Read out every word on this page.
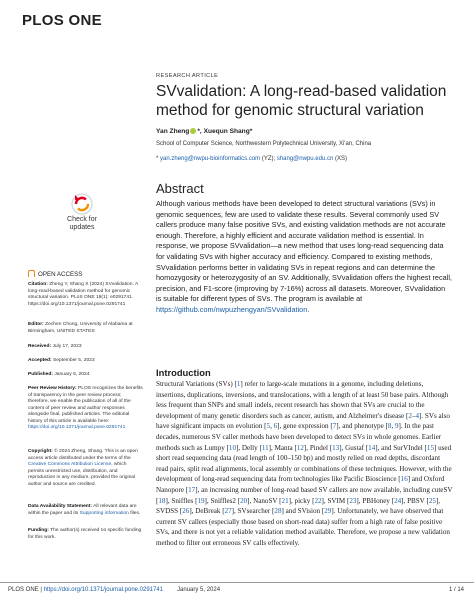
PLOS ONE
RESEARCH ARTICLE
SVvalidation: A long-read-based validation method for genomic structural variation
Yan Zheng *, Xuequn Shang*
School of Computer Science, Northwestern Polytechnical University, Xi'an, China
* yan.zheng@nwpu-bioinformatics.com (YZ); shang@nwpu.edu.cn (XS)
Abstract
Although various methods have been developed to detect structural variations (SVs) in genomic sequences, few are used to validate these results. Several commonly used SV callers produce many false positive SVs, and existing validation methods are not accurate enough. Therefore, a highly efficient and accurate validation method is essential. In response, we propose SVvalidation—a new method that uses long-read sequencing data for validating SVs with higher accuracy and efficiency. Compared to existing methods, SVvalidation performs better in validating SVs in repeat regions and can determine the homozygosity or heterozygosity of an SV. Additionally, SVvalidation offers the highest recall, precision, and F1-score (improving by 7-16%) across all datasets. Moreover, SVvalidation is suitable for different types of SVs. The program is available at https://github.com/nwpuzhengyan/SVvalidation.
Introduction
Structural Variations (SVs) [1] refer to large-scale mutations in a genome, including deletions, insertions, duplications, inversions, and translocations, with a length of at least 50 base pairs. Although less frequent than SNPs and small indels, recent research has shown that SVs are crucial to the development of many genetic disorders such as cancer, autism, and Alzheimer's disease [2–4]. SVs also have significant impacts on evolution [5, 6], gene expression [7], and phenotype [8, 9]. In the past decades, numerous SV caller methods have been developed to detect SVs in whole genomes. Earlier methods such as Lumpy [10], Delly [11], Manta [12], Pindel [13], Gustaf [14], and SurVIndel [15] used short read sequencing data (read length of 100–150 bp) and mostly relied on read depths, discordant read pairs, split read alignments, local assembly or combinations of these techniques. However, with the development of long-read sequencing data from technologies like Pacific Bioscience [16] and Oxford Nanopore [17], an increasing number of long-read based SV callers are now available, including cuteSV [18], Sniffles [19], Sniffles2 [20], NanoSV [21], picky [22], SVIM [23], PBHoney [24], PBSV [25], SVDSS [26], DeBreak [27], SVsearcher [28] and SVision [29]. Unfortunately, we have observed that current SV callers (especially those based on short-read data) suffer from a high rate of false positive SVs, and there is not yet a reliable validation method available. Therefore, we propose a new validation method to filter out erroneous SV calls effectively.
Check for
updates
OPEN ACCESS
Citation: Zheng Y, Shang X (2024) SVvalidation: A long-read-based validation method for genomic structural variation. PLoS ONE 19(1): e0291741. https://doi.org/10.1371/journal.pone.0291741
Editor: Zechen Chong, University of Alabama at Birmingham, UNITED STATES
Received: July 17, 2023
Accepted: September 5, 2023
Published: January 5, 2024
Peer Review History: PLOS recognizes the benefits of transparency in the peer review process; therefore, we enable the publication of all of the content of peer review and author responses alongside final, published articles. The editorial history of this article is available here: https://doi.org/10.1371/journal.pone.0291741
Copyright: © 2024 Zheng, Shang. This is an open access article distributed under the terms of the Creative Commons Attribution License, which permits unrestricted use, distribution, and reproduction in any medium, provided the original author and source are credited.
Data Availability Statement: All relevant data are within the paper and its Supporting information files.
Funding: The author(s) received no specific funding for this work.
PLOS ONE | https://doi.org/10.1371/journal.pone.0291741 January 5, 2024	1 / 14
